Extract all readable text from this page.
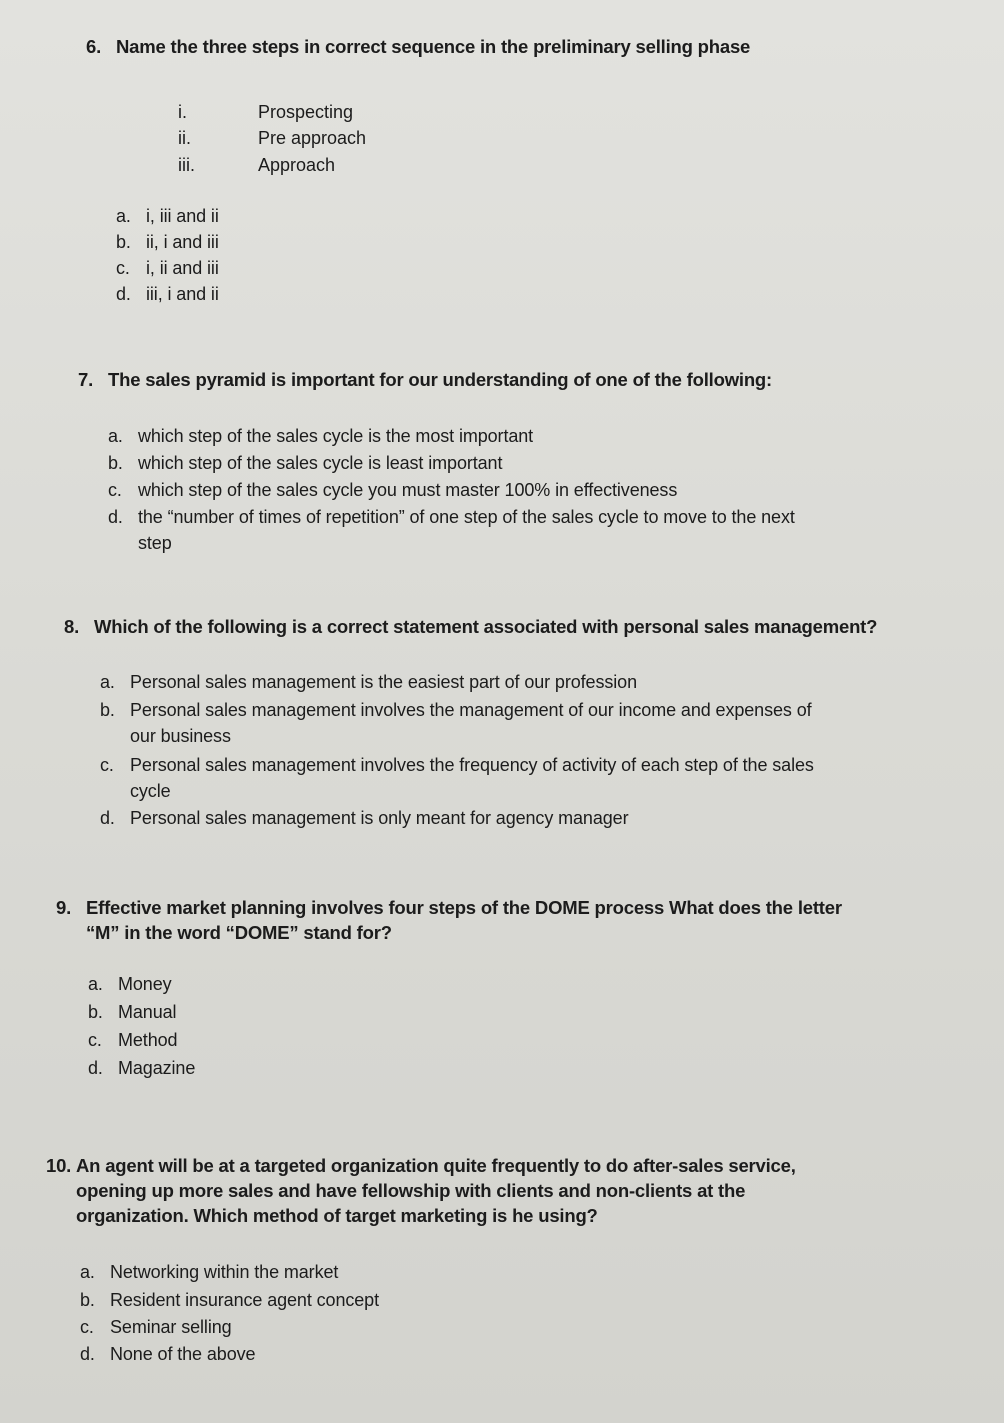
6. Name the three steps in correct sequence in the preliminary selling phase
i.	Prospecting
ii.	Pre approach
iii.	Approach
a. i, iii and ii
b. ii, i and iii
c. i, ii and iii
d. iii, i and ii
7. The sales pyramid is important for our understanding of one of the following:
a. which step of the sales cycle is the most important
b. which step of the sales cycle is least important
c. which step of the sales cycle you must master 100% in effectiveness
d. the “number of times of repetition” of one step of the sales cycle to move to the next
step
8. Which of the following is a correct statement associated with personal sales management?
a. Personal sales management is the easiest part of our profession
b. Personal sales management involves the management of our income and expenses of
our business
c. Personal sales management involves the frequency of activity of each step of the sales
cycle
d. Personal sales management is only meant for agency manager
9. Effective market planning involves four steps of the DOME process What does the letter
“M” in the word “DOME” stand for?
a. Money
b. Manual
c. Method
d. Magazine
10. An agent will be at a targeted organization quite frequently to do after-sales service,
opening up more sales and have fellowship with clients and non-clients at the
organization. Which method of target marketing is he using?
a. Networking within the market
b. Resident insurance agent concept
c. Seminar selling
d. None of the above
